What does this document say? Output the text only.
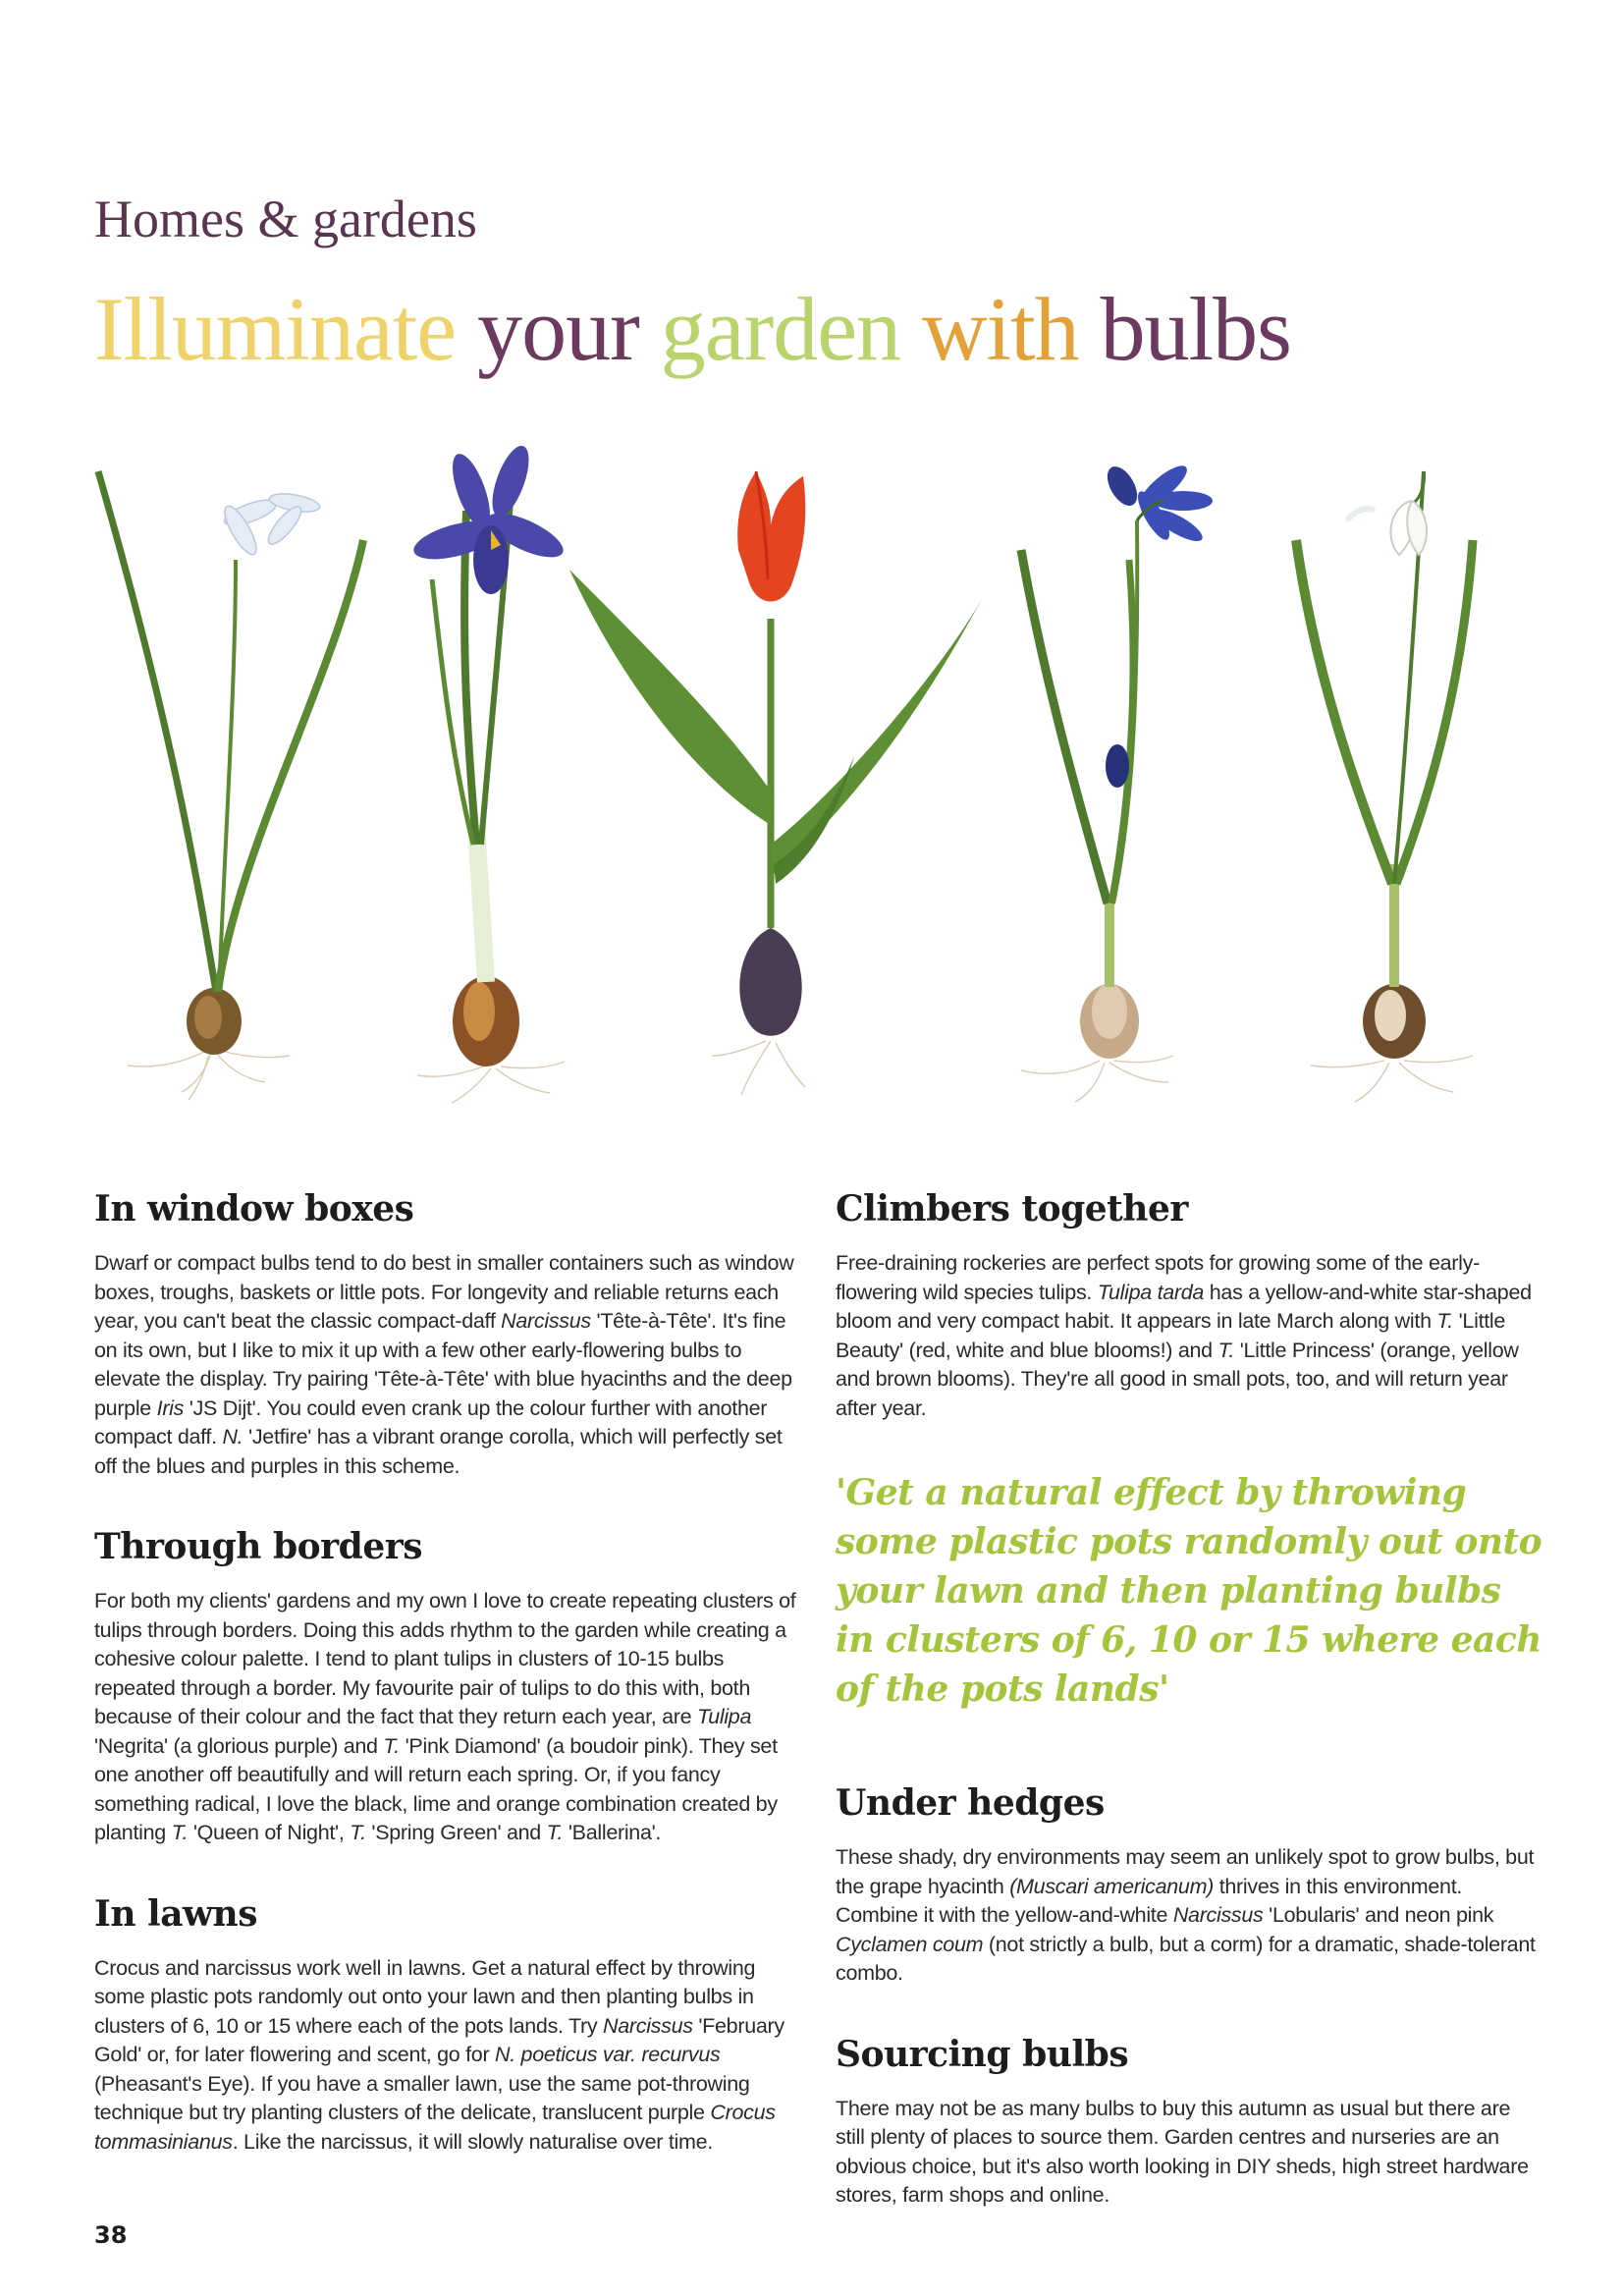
Homes & gardens
Illuminate your garden with bulbs
In window boxes

Dwarf or compact bulbs tend to do best in smaller containers such as window boxes, troughs, baskets or little pots. For longevity and reliable returns each year, you can't beat the classic compact-daff Narcissus 'Tête-à-Tête'. It's fine on its own, but I like to mix it up with a few other early-flowering bulbs to elevate the display. Try pairing 'Tête-à-Tête' with blue hyacinths and the deep purple Iris 'JS Dijt'. You could even crank up the colour further with another compact daff. N. 'Jetfire' has a vibrant orange corolla, which will perfectly set off the blues and purples in this scheme.

Through borders

For both my clients' gardens and my own I love to create repeating clusters of tulips through borders. Doing this adds rhythm to the garden while creating a cohesive colour palette. I tend to plant tulips in clusters of 10-15 bulbs repeated through a border. My favourite pair of tulips to do this with, both because of their colour and the fact that they return each year, are Tulipa 'Negrita' (a glorious purple) and T. 'Pink Diamond' (a boudoir pink). They set one another off beautifully and will return each spring. Or, if you fancy something radical, I love the black, lime and orange combination created by planting T. 'Queen of Night', T. 'Spring Green' and T. 'Ballerina'.

In lawns

Crocus and narcissus work well in lawns. Get a natural effect by throwing some plastic pots randomly out onto your lawn and then planting bulbs in clusters of 6, 10 or 15 where each of the pots lands. Try Narcissus 'February Gold' or, for later flowering and scent, go for N. poeticus var. recurvus (Pheasant's Eye). If you have a smaller lawn, use the same pot-throwing technique but try planting clusters of the delicate, translucent purple Crocus tommasinianus. Like the narcissus, it will slowly naturalise over time.

Climbers together

Free-draining rockeries are perfect spots for growing some of the early-flowering wild species tulips. Tulipa tarda has a yellow-and-white star-shaped bloom and very compact habit. It appears in late March along with T. 'Little Beauty' (red, white and blue blooms!) and T. 'Little Princess' (orange, yellow and brown blooms). They're all good in small pots, too, and will return year after year.

'Get a natural effect by throwing some plastic pots randomly out onto your lawn and then planting bulbs in clusters of 6, 10 or 15 where each of the pots lands'
Under hedges

These shady, dry environments may seem an unlikely spot to grow bulbs, but the grape hyacinth (Muscari americanum) thrives in this environment. Combine it with the yellow-and-white Narcissus 'Lobularis' and neon pink Cyclamen coum (not strictly a bulb, but a corm) for a dramatic, shade-tolerant combo.

Sourcing bulbs

There may not be as many bulbs to buy this autumn as usual but there are still plenty of places to source them. Garden centres and nurseries are an obvious choice, but it's also worth looking in DIY sheds, high street hardware stores, farm shops and online.

38
